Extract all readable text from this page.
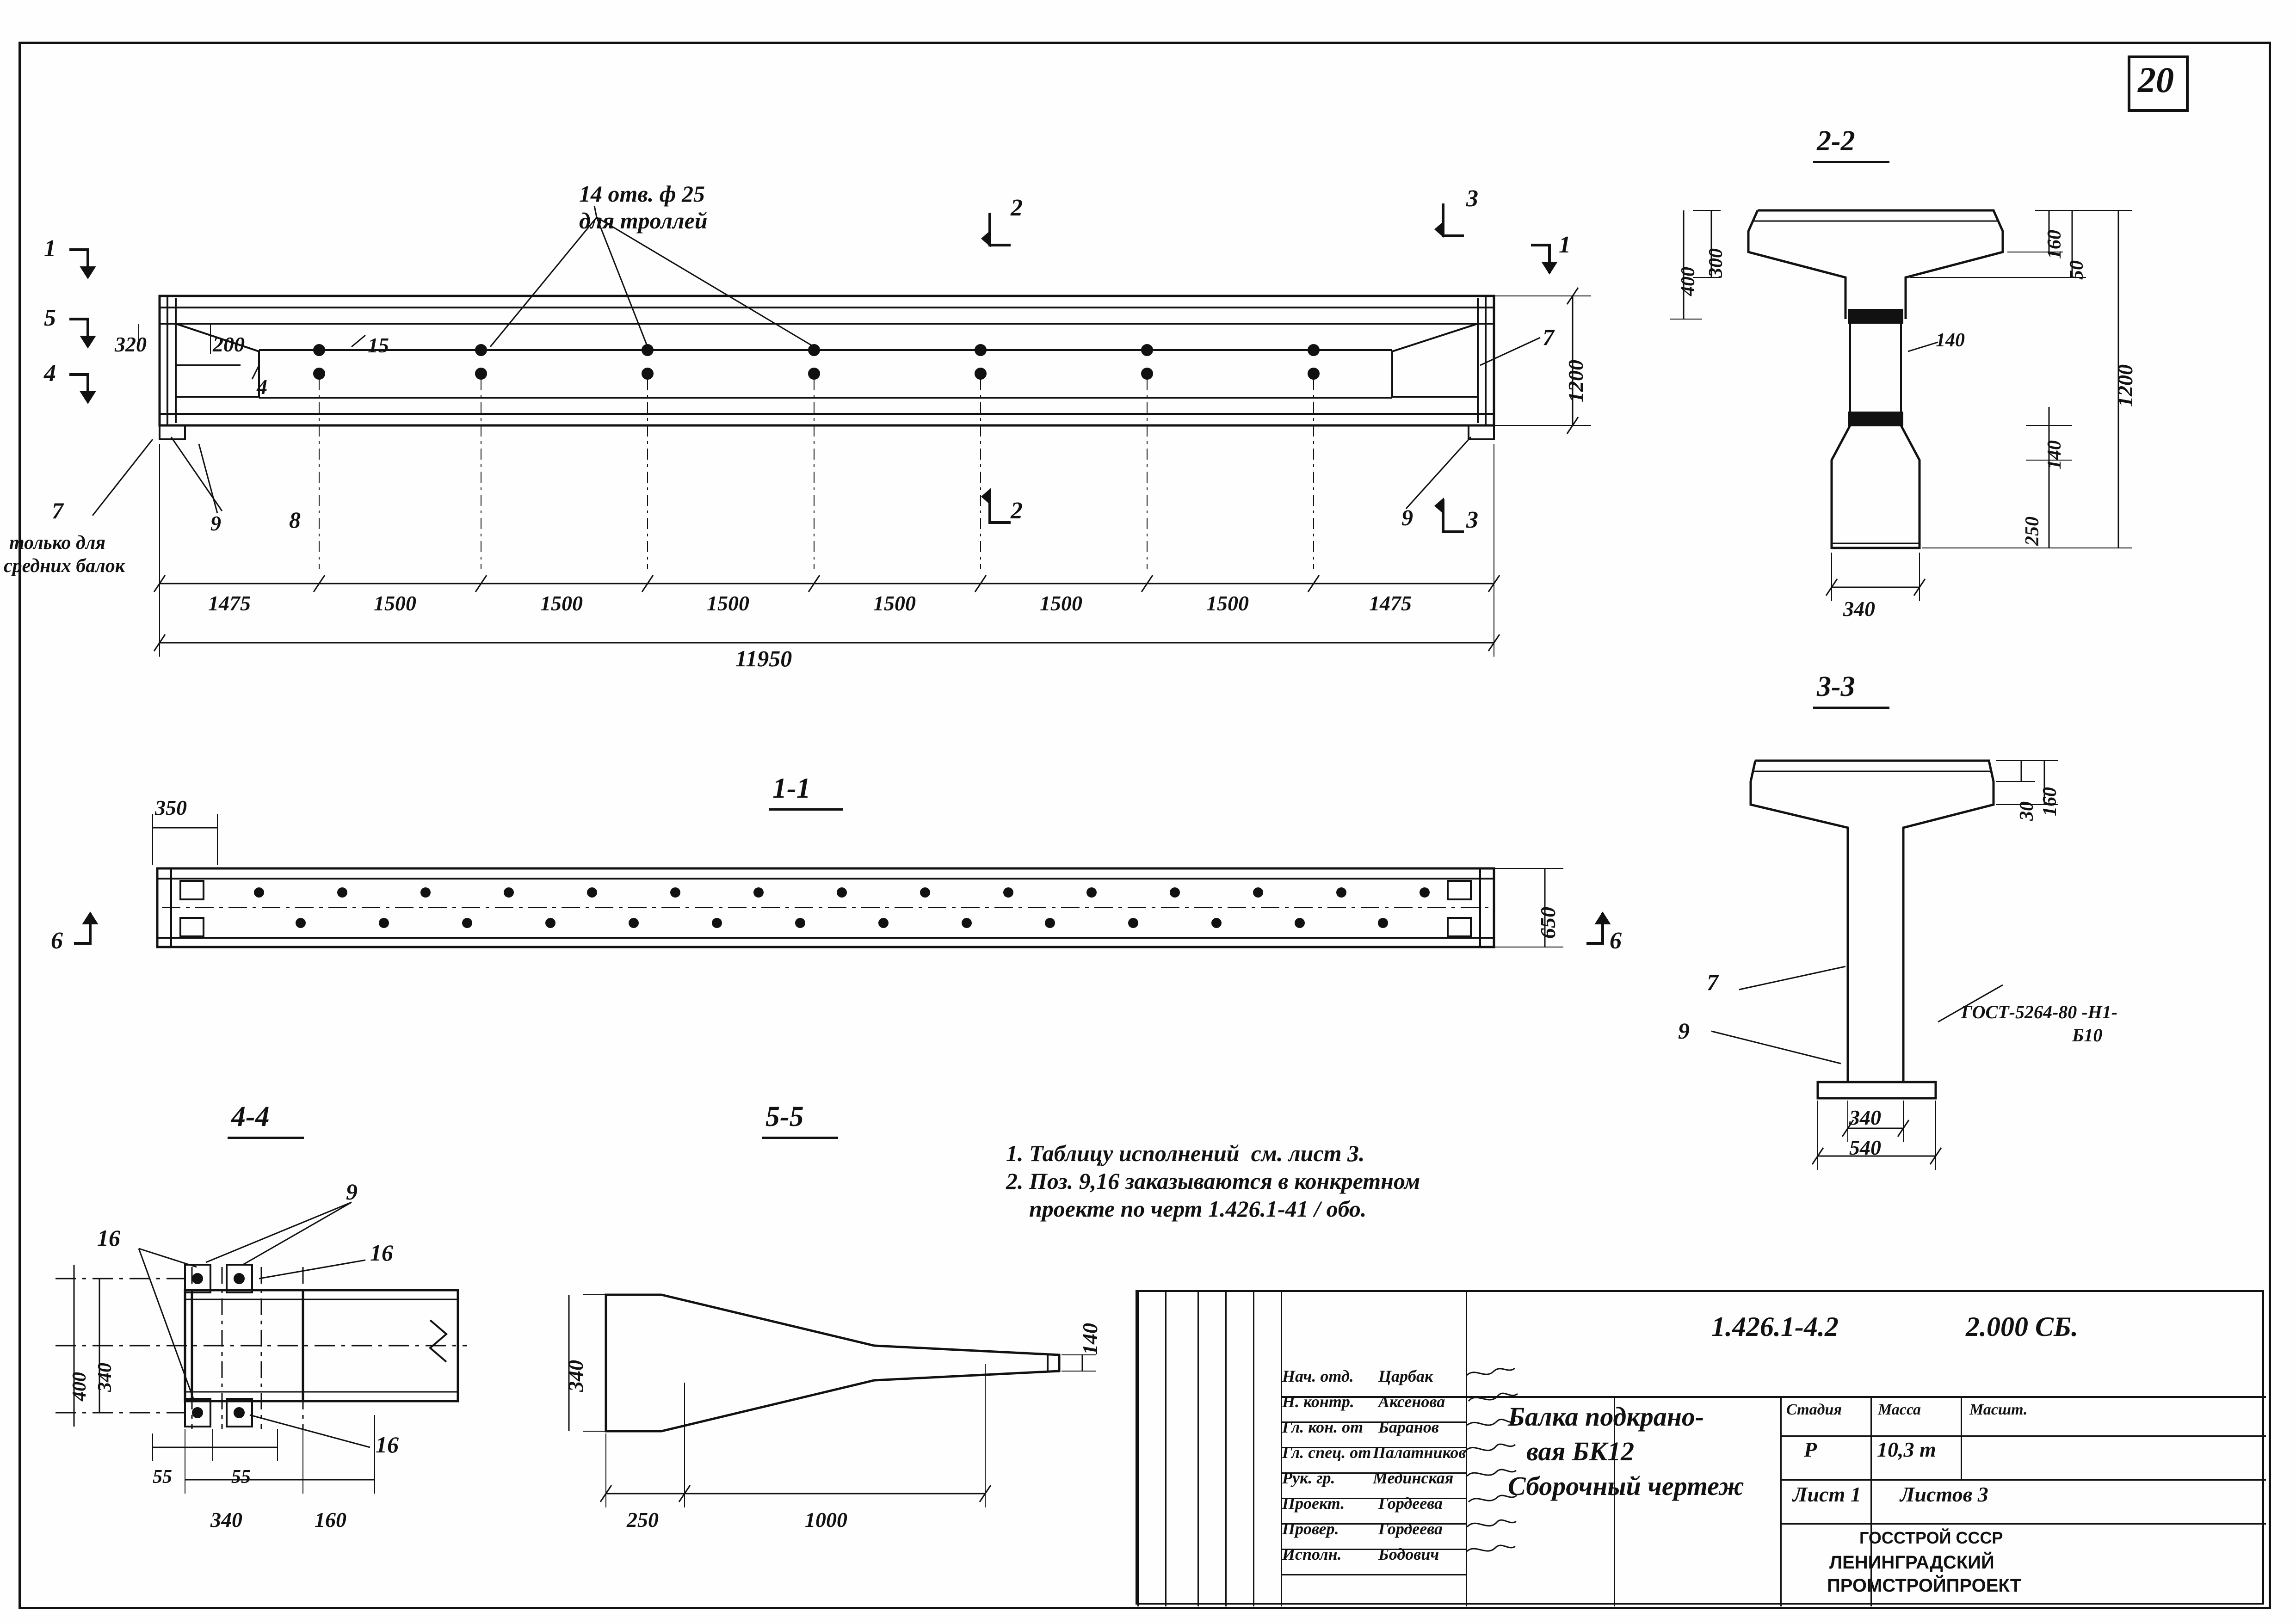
20
14 отв. ф 25
для троллей	2	3
1
1
5
4
2	3
320	200	15
4
7	9	8	9
7
только для
средних балок
1475	1500	1500	1500	1500	1500	1500	1475
11950
1200
1-1
350
650
6	6
2-2
160
300
400	50
140
140
250
1200
340
3-3
160
30
340
540
7
9
ГОСТ-5264-80 -Н1-
Б10
4-4
9
16
16
16
340
400
55	55
340	160
5-5
340
140
250	1000
1. Таблицу исполнений  см. лист 3.
2. Поз. 9,16 заказываются в конкретном
проекте по черт 1.426.1-41 / обо.
1.426.1-4.2	2.000 СБ.
Балка подкрано-
вая БК12
Сборочный чертеж
Стадия Масса	Масшт.
Р	10,3 т
Лист 1 Листов 3
ГОССТРОЙ СССР
ЛЕНИНГРАДСКИЙ
ПРОМСТРОЙПРОЕКТ
Нач. отд. Царбак
Н. контр. Аксенова
Гл. кон. от Баранов
Гл. спец. от Палатников
Рук. гр. Мединская
Проект. Гордеева
Провер. Гордеева
Исполн. Бодович
